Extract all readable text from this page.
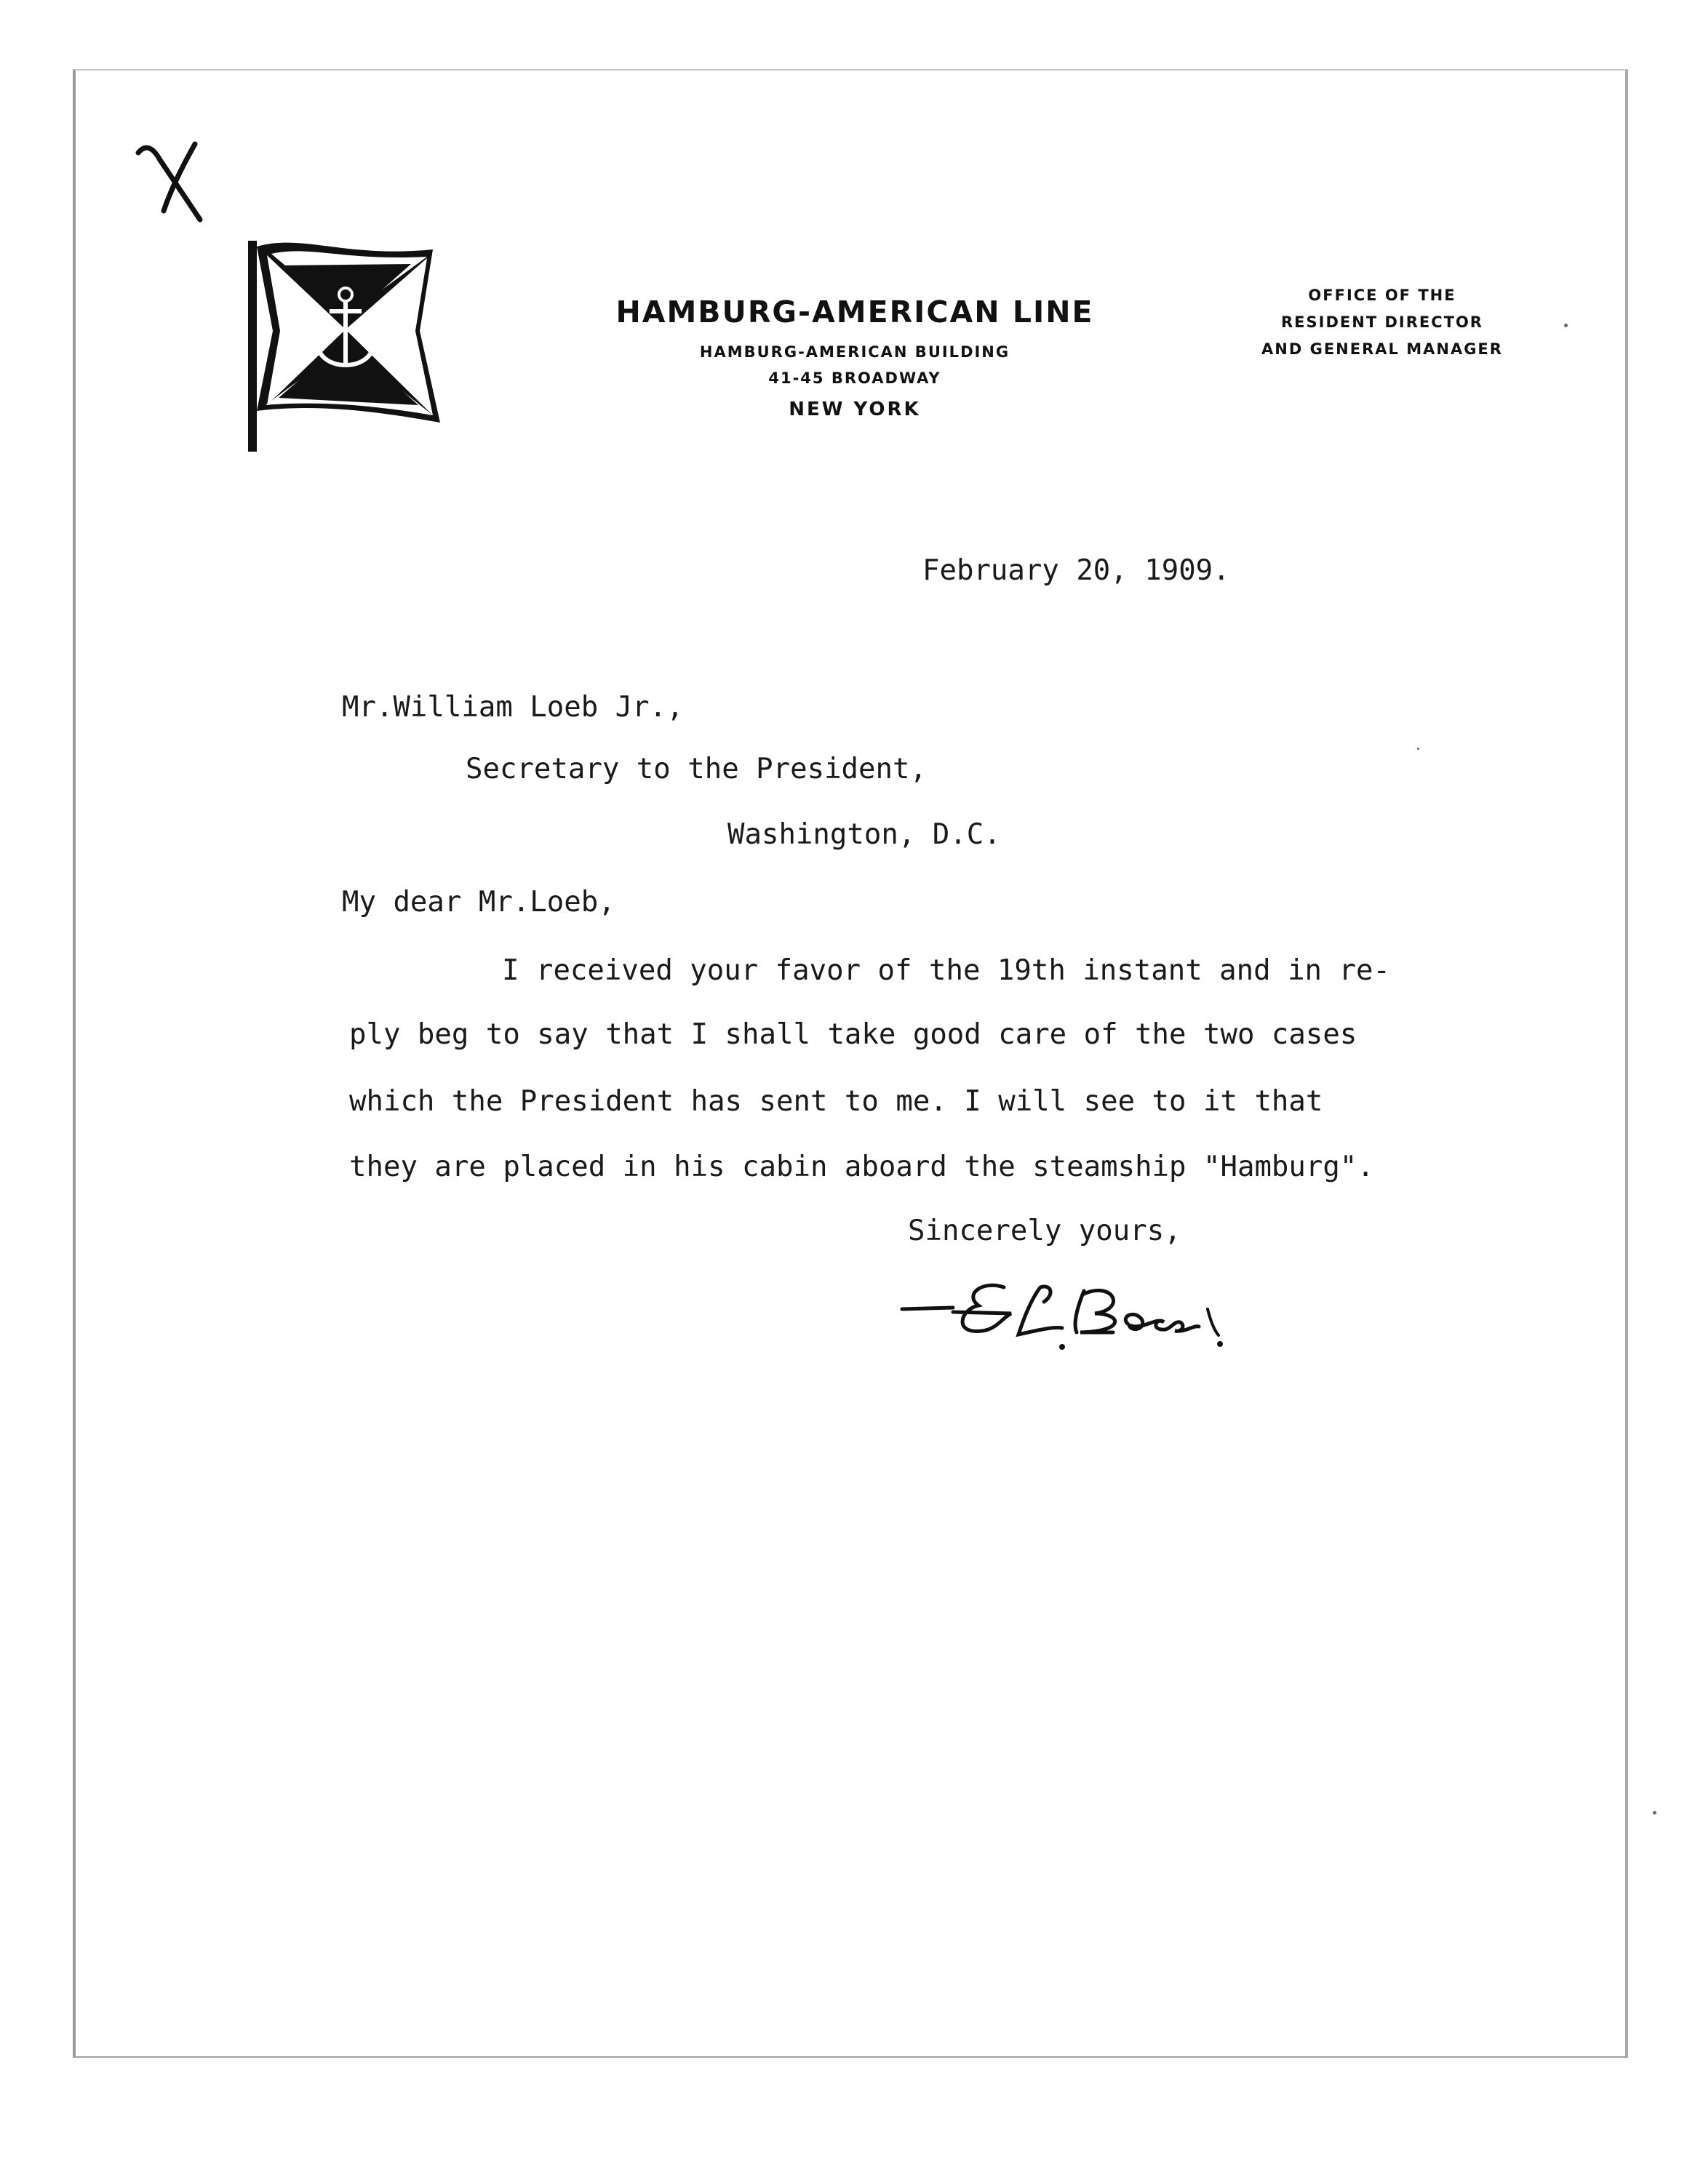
HAMBURG-AMERICAN LINE
HAMBURG-AMERICAN BUILDING
41-45 BROADWAY
NEW YORK
OFFICE OF THE
RESIDENT DIRECTOR
AND GENERAL MANAGER
February 20, 1909.
Mr.William Loeb Jr.,
Secretary to the President,
Washington, D.C.
My dear Mr.Loeb,
I received your favor of the 19th instant and in re-
ply beg to say that I shall take good care of the two cases
which the President has sent to me. I will see to it that
they are placed in his cabin aboard the steamship "Hamburg".
Sincerely yours,
